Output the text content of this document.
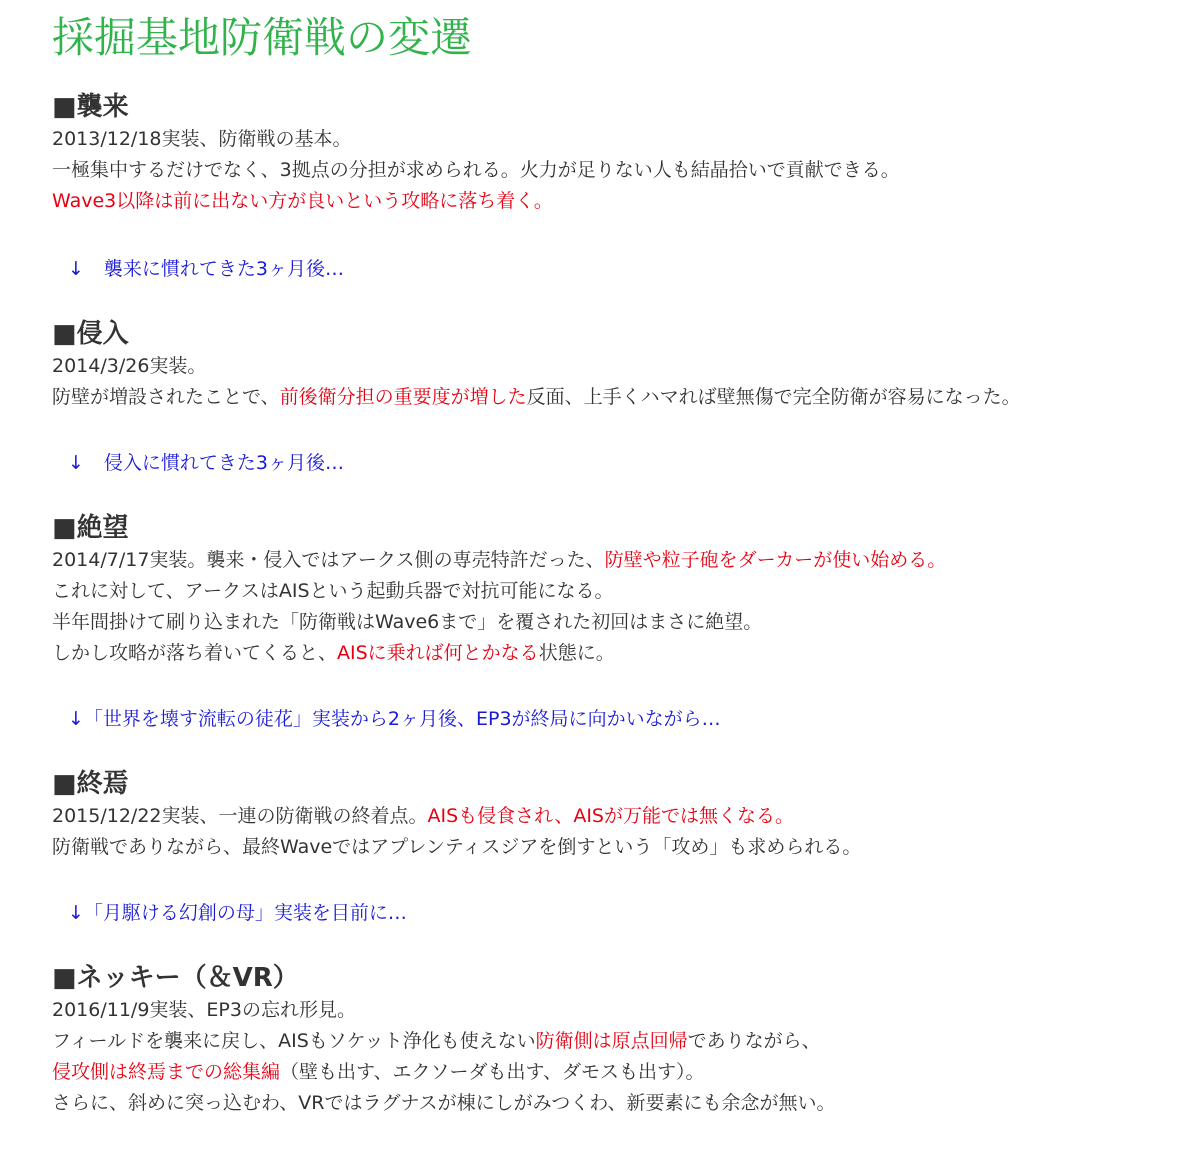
採掘基地防衛戦の変遷
■襲来

2013/12/18実装、防衛戦の基本。

一極集中するだけでなく、3拠点の分担が求められる。火力が足りない人も結晶拾いで貢献できる。

Wave3以降は前に出ない方が良いという攻略に落ち着く。

↓ 襲来に慣れてきた3ヶ月後…
■侵入

2014/3/26実装。

防壁が増設されたことで、前後衛分担の重要度が増した反面、上手くハマれば壁無傷で完全防衛が容易になった。

↓ 侵入に慣れてきた3ヶ月後…
■絶望

2014/7/17実装。襲来・侵入ではアークス側の専売特許だった、防壁や粒子砲をダーカーが使い始める。

これに対して、アークスはAISという起動兵器で対抗可能になる。

半年間掛けて刷り込まれた「防衛戦はWave6まで」を覆された初回はまさに絶望。

しかし攻略が落ち着いてくると、AISに乗れば何とかなる状態に。

↓「世界を壊す流転の徒花」実装から2ヶ月後、EP3が終局に向かいながら…
■終焉

2015/12/22実装、一連の防衛戦の終着点。AISも侵食され、AISが万能では無くなる。

防衛戦でありながら、最終Waveではアプレンティスジアを倒すという「攻め」も求められる。

↓「月駆ける幻創の母」実装を目前に…
■ネッキー（＆VR）

2016/11/9実装、EP3の忘れ形見。

フィールドを襲来に戻し、AISもソケット浄化も使えない防衛側は原点回帰でありながら、

侵攻側は終焉までの総集編（壁も出す、エクソーダも出す、ダモスも出す）。

さらに、斜めに突っ込むわ、VRではラグナスが棟にしがみつくわ、新要素にも余念が無い。
